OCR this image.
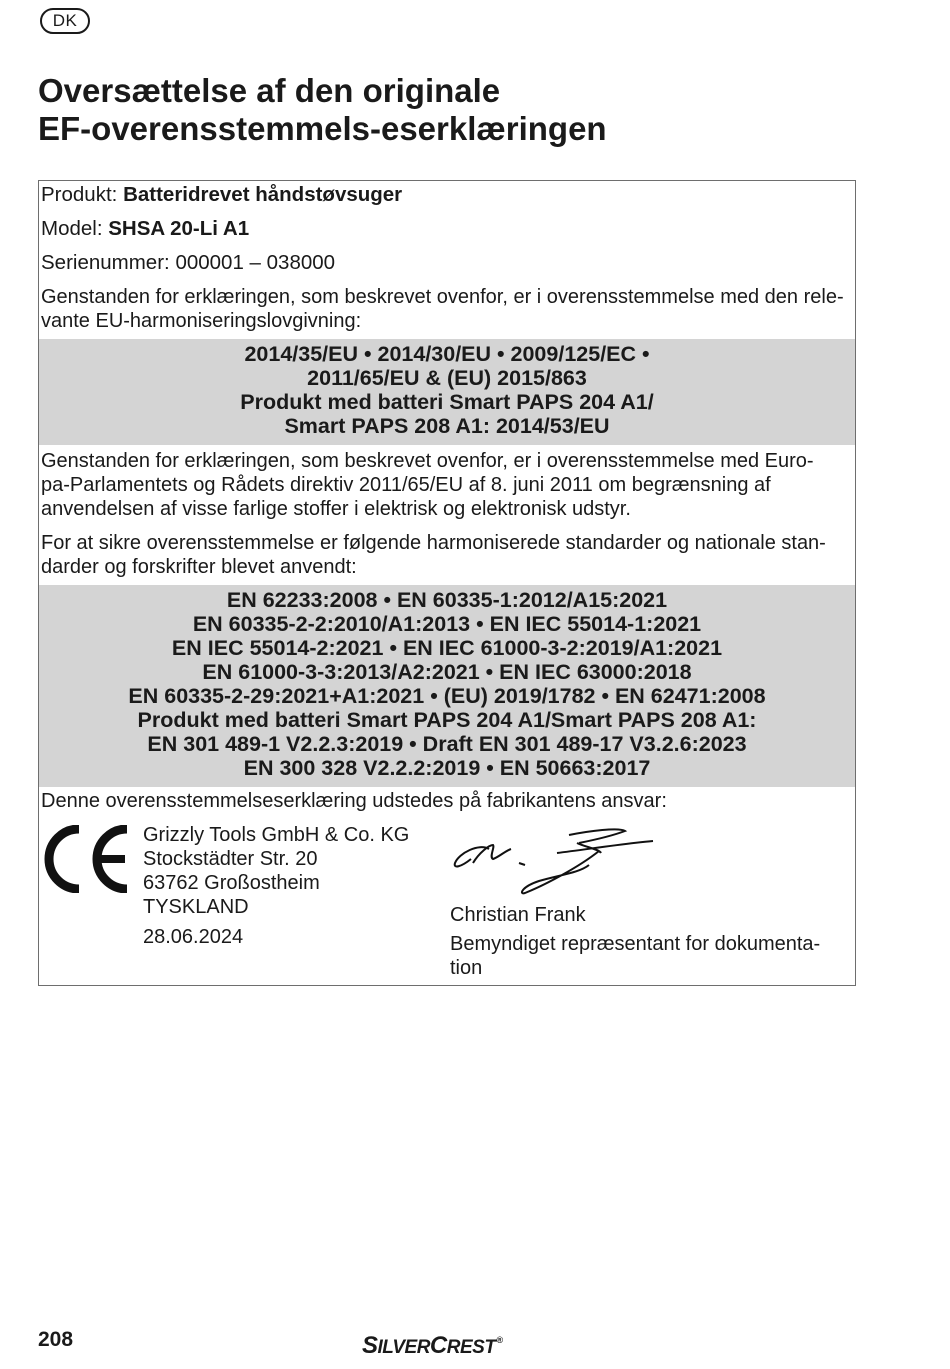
DK
Oversættelse af den originale
EF-overensstemmels-eserklæringen
Produkt: Batteridrevet håndstøvsuger
Model: SHSA 20-Li A1
Serienummer: 000001 – 038000
Genstanden for erklæringen, som beskrevet ovenfor, er i overensstemmelse med den rele-
vante EU-harmoniseringslovgivning:
2014/35/EU • 2014/30/EU • 2009/125/EC •
2011/65/EU & (EU) 2015/863
Produkt med batteri Smart PAPS 204 A1/
Smart PAPS 208 A1: 2014/53/EU
Genstanden for erklæringen, som beskrevet ovenfor, er i overensstemmelse med Euro-
pa-Parlamentets og Rådets direktiv 2011/65/EU af 8. juni 2011 om begrænsning af
anvendelsen af visse farlige stoffer i elektrisk og elektronisk udstyr.
For at sikre overensstemmelse er følgende harmoniserede standarder og nationale stan-
darder og forskrifter blevet anvendt:
EN 62233:2008 • EN 60335-1:2012/A15:2021
EN 60335-2-2:2010/A1:2013 • EN IEC 55014-1:2021
EN IEC 55014-2:2021 • EN IEC 61000-3-2:2019/A1:2021
EN 61000-3-3:2013/A2:2021 • EN IEC 63000:2018
EN 60335-2-29:2021+A1:2021 • (EU) 2019/1782 • EN 62471:2008
Produkt med batteri Smart PAPS 204 A1/Smart PAPS 208 A1:
EN 301 489-1 V2.2.3:2019 • Draft EN 301 489-17 V3.2.6:2023
EN 300 328 V2.2.2:2019 • EN 50663:2017
Denne overensstemmelseserklæring udstedes på fabrikantens ansvar:
Grizzly Tools GmbH & Co. KG
Stockstädter Str. 20
63762 Großostheim
TYSKLAND
28.06.2024
Christian Frank
Bemyndiget repræsentant for dokumenta-
tion
208	SILVERCREST®
